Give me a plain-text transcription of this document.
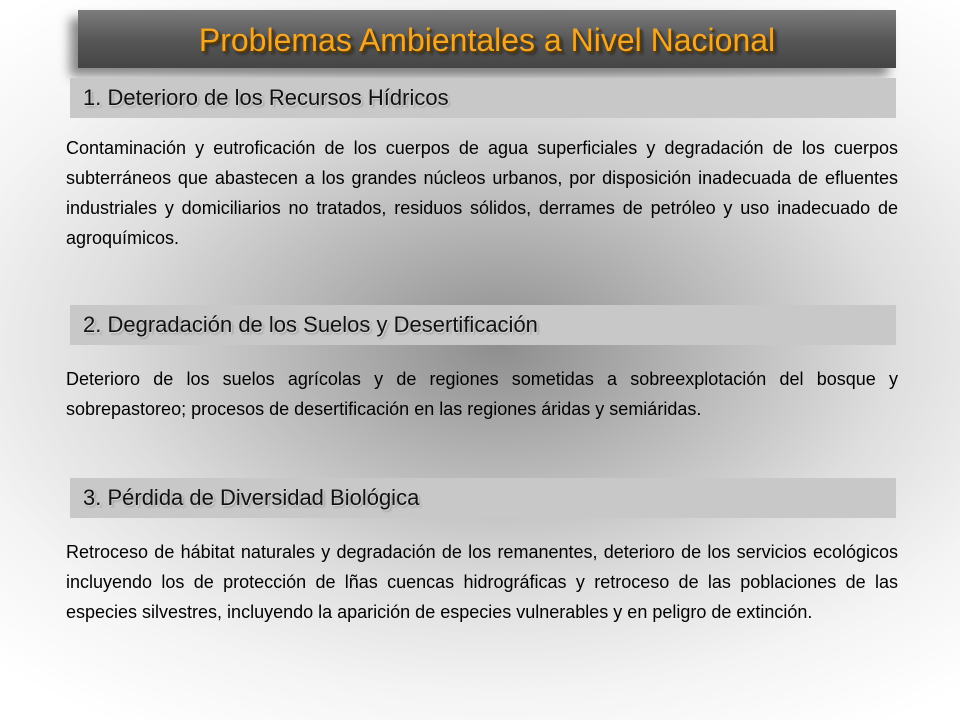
Problemas Ambientales a Nivel Nacional
1. Deterioro de los Recursos Hídricos

Contaminación y eutroficación de los cuerpos de agua superficiales y degradación de los cuerpos subterráneos que abastecen a los grandes núcleos urbanos, por disposición inadecuada de efluentes industriales y domiciliarios no tratados, residuos sólidos, derrames de petróleo y uso inadecuado de agroquímicos.

2. Degradación de los Suelos y Desertificación

Deterioro de los suelos agrícolas y de regiones sometidas a sobreexplotación del bosque y sobrepastoreo; procesos de desertificación en las regiones áridas y semiáridas.

3. Pérdida de Diversidad Biológica

Retroceso de hábitat naturales y degradación de los remanentes, deterioro de los servicios ecológicos incluyendo los de protección de lñas cuencas hidrográficas y retroceso de las poblaciones de las especies silvestres, incluyendo la aparición de especies vulnerables y en peligro de extinción.
